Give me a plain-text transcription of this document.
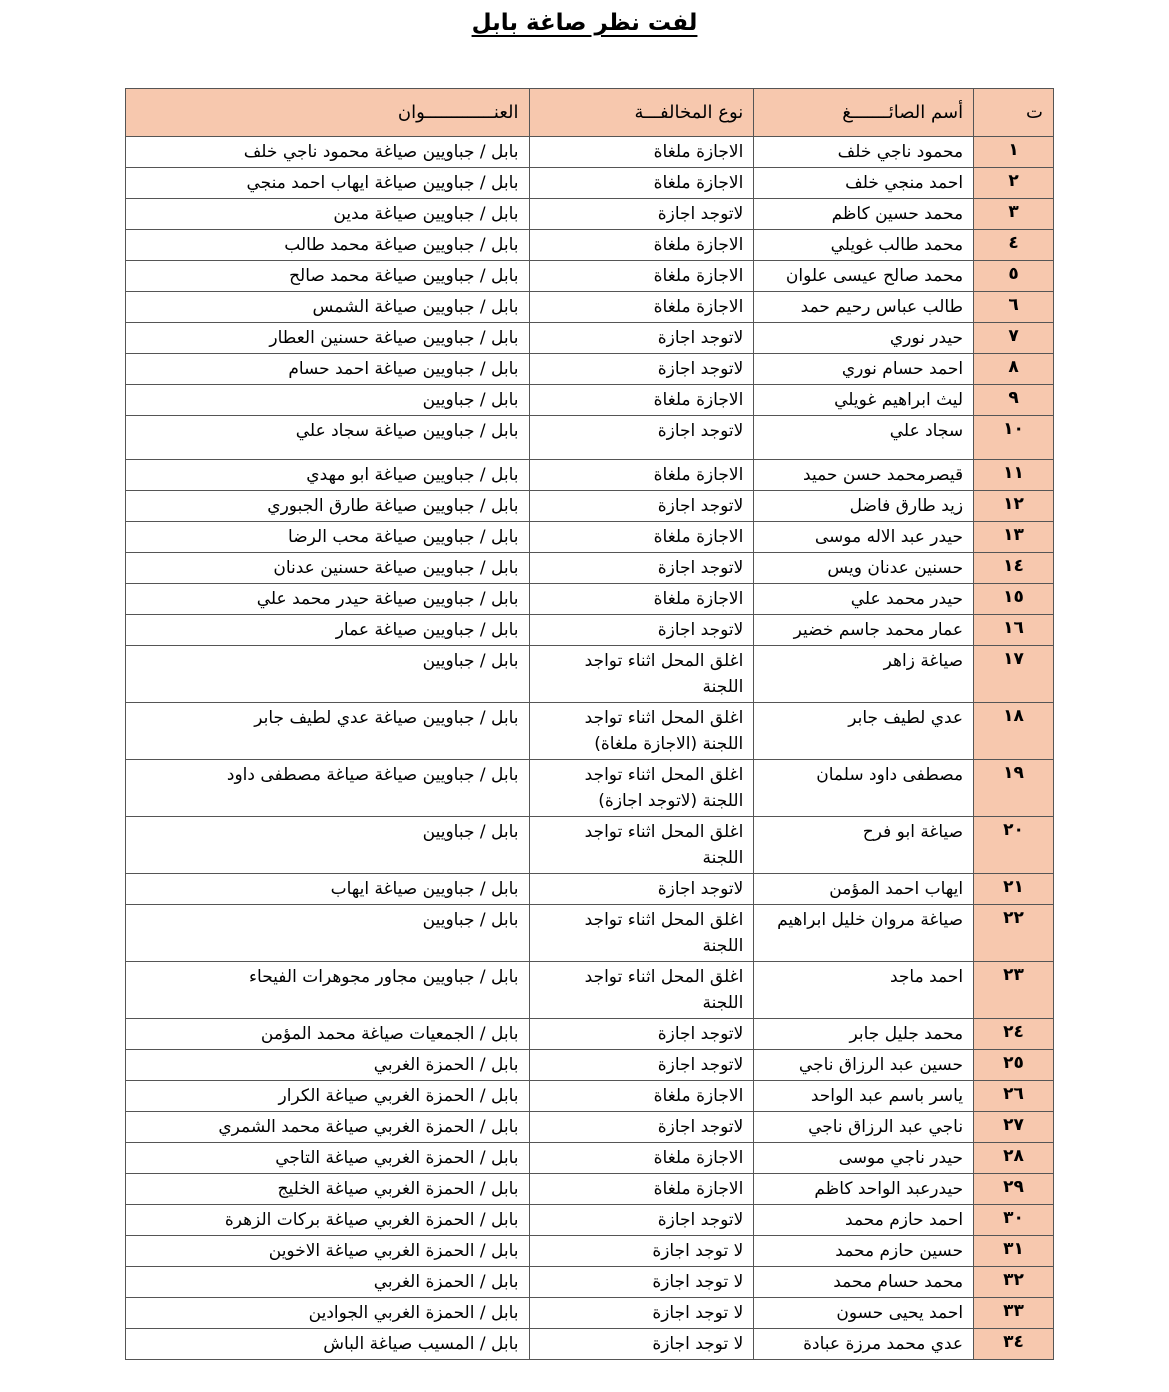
لفت نظر صاغة بابل
ت	أسم الصائـــــــغ	نوع المخالفـــة	العنـــــــــــــوان
١	محمود ناجي خلف	الاجازة ملغاة	بابل / جباويين صياغة محمود ناجي خلف
٢	احمد منجي خلف	الاجازة ملغاة	بابل / جباويين صياغة ايهاب احمد منجي
٣	محمد حسين كاظم	لاتوجد اجازة	بابل / جباويين صياغة مدين
٤	محمد طالب غويلي	الاجازة ملغاة	بابل / جباويين صياغة محمد طالب
٥	محمد صالح عيسى علوان	الاجازة ملغاة	بابل / جباويين صياغة محمد صالح
٦	طالب عباس رحيم حمد	الاجازة ملغاة	بابل / جباويين صياغة الشمس
٧	حيدر نوري	لاتوجد اجازة	بابل / جباويين صياغة حسنين العطار
٨	احمد حسام نوري	لاتوجد اجازة	بابل / جباويين صياغة احمد حسام
٩	ليث ابراهيم غويلي	الاجازة ملغاة	بابل / جباويين
١٠	سجاد علي	لاتوجد اجازة	بابل / جباويين صياغة سجاد علي
١١	قيصرمحمد حسن حميد	الاجازة ملغاة	بابل / جباويين صياغة ابو مهدي
١٢	زيد طارق فاضل	لاتوجد اجازة	بابل / جباويين صياغة طارق الجبوري
١٣	حيدر عبد الاله موسى	الاجازة ملغاة	بابل / جباويين صياغة محب الرضا
١٤	حسنين عدنان ويس	لاتوجد اجازة	بابل / جباويين صياغة حسنين عدنان
١٥	حيدر محمد علي	الاجازة ملغاة	بابل / جباويين صياغة حيدر محمد علي
١٦	عمار محمد جاسم خضير	لاتوجد اجازة	بابل / جباويين صياغة عمار
١٧	صياغة زاهر	اغلق المحل اثناء تواجد اللجنة	بابل / جباويين
١٨	عدي لطيف جابر	اغلق المحل اثناء تواجد اللجنة (الاجازة ملغاة)	بابل / جباويين صياغة عدي لطيف جابر
١٩	مصطفى داود سلمان	اغلق المحل اثناء تواجد اللجنة (لاتوجد اجازة)	بابل / جباويين صياغة صياغة مصطفى داود
٢٠	صياغة ابو فرح	اغلق المحل اثناء تواجد اللجنة	بابل / جباويين
٢١	ايهاب احمد المؤمن	لاتوجد اجازة	بابل / جباويين صياغة ايهاب
٢٢	صياغة مروان خليل ابراهيم	اغلق المحل اثناء تواجد اللجنة	بابل / جباويين
٢٣	احمد ماجد	اغلق المحل اثناء تواجد اللجنة	بابل / جباويين مجاور مجوهرات الفيحاء
٢٤	محمد جليل جابر	لاتوجد اجازة	بابل / الجمعيات صياغة محمد المؤمن
٢٥	حسين عبد الرزاق ناجي	لاتوجد اجازة	بابل / الحمزة الغربي
٢٦	ياسر باسم عبد الواحد	الاجازة ملغاة	بابل / الحمزة الغربي صياغة الكرار
٢٧	ناجي عبد الرزاق ناجي	لاتوجد اجازة	بابل / الحمزة الغربي صياغة محمد الشمري
٢٨	حيدر ناجي موسى	الاجازة ملغاة	بابل / الحمزة الغربي صياغة التاجي
٢٩	حيدرعبد الواحد كاظم	الاجازة ملغاة	بابل / الحمزة الغربي صياغة الخليج
٣٠	احمد حازم محمد	لاتوجد اجازة	بابل / الحمزة الغربي صياغة بركات الزهرة
٣١	حسين حازم محمد	لا توجد اجازة	بابل / الحمزة الغربي صياغة الاخوين
٣٢	محمد حسام محمد	لا توجد اجازة	بابل / الحمزة الغربي
٣٣	احمد يحيى حسون	لا توجد اجازة	بابل / الحمزة الغربي الجوادين
٣٤	عدي محمد مرزة عبادة	لا توجد اجازة	بابل / المسيب صياغة الباش
